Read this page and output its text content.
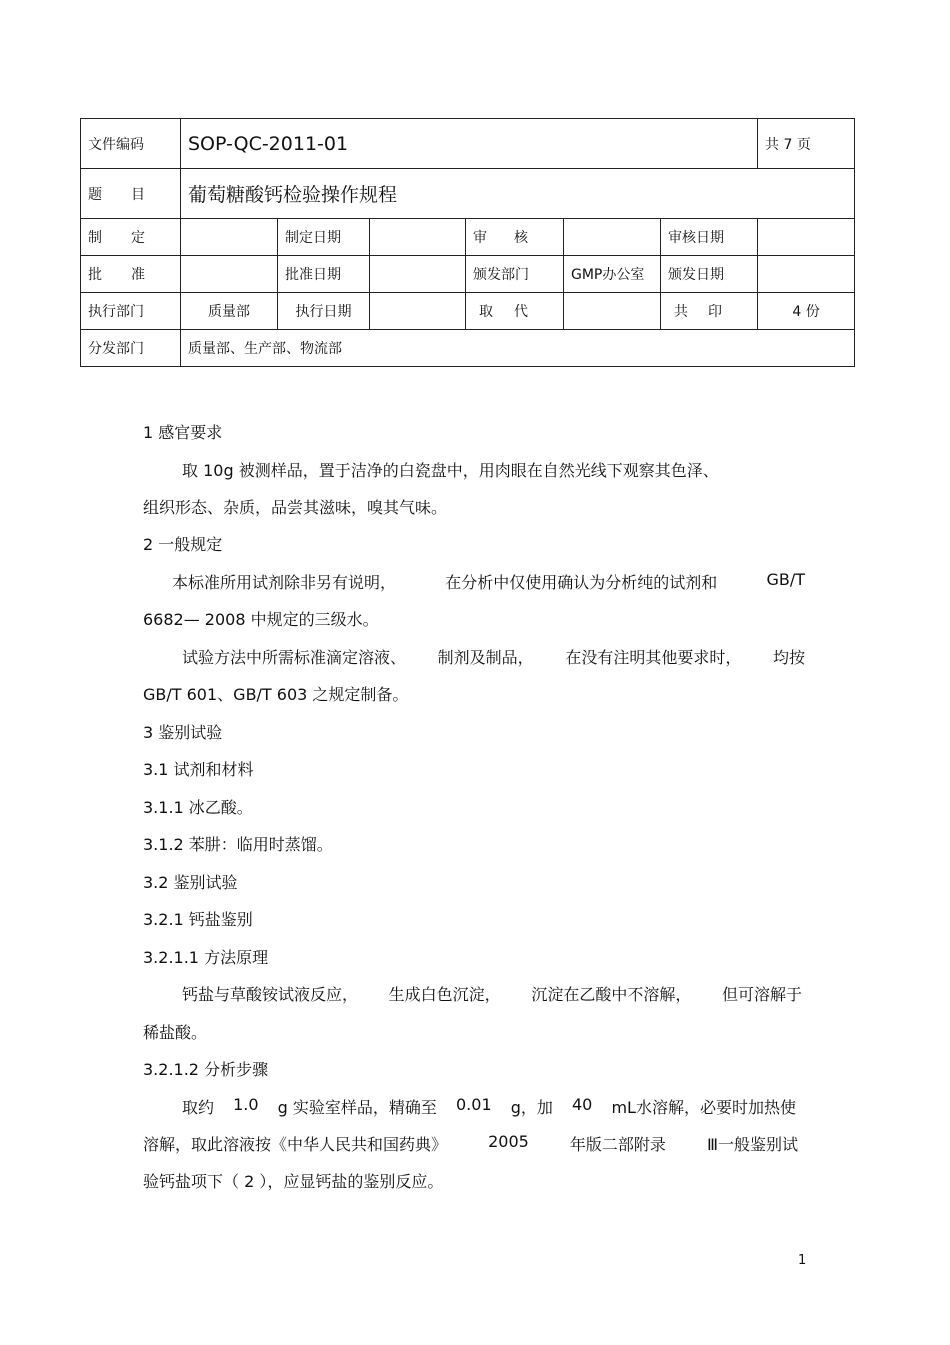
文件编码	SOP-QC-2011-01						共 7 页

题 目	葡萄糖酸钙检验操作规程						

制 定		制定日期		审 核		审核日期	

批 准		批准日期		颁发部门	GMP办公室	颁发日期	
执行部门	质量部	执行日期		取 代		共 印	4 份
分发部门	质量部、生产部、物流部						
1 感官要求
取 10g 被测样品，置于洁净的白瓷盘中，用肉眼在自然光线下观察其色泽、
组织形态、杂质，品尝其滋味，嗅其气味。
2 一般规定
本标准所用试剂除非另有说明，	在分析中仅使用确认为分析纯的试剂和	GB/T
6682— 2008 中规定的三级水。
试验方法中所需标准滴定溶液、 制剂及制品， 在没有注明其他要求时， 均按
GB/T 601、GB/T 603 之规定制备。
3 鉴别试验
3.1 试剂和材料
3.1.1 冰乙酸。
3.1.2 苯肼：临用时蒸馏。
3.2 鉴别试验
3.2.1 钙盐鉴别
3.2.1.1 方法原理
钙盐与草酸铵试液反应， 生成白色沉淀， 沉淀在乙酸中不溶解， 但可溶解于
稀盐酸。
3.2.1.2 分析步骤
取约 1.0 g 实验室样品，精确至 0.01 g，加 40 mL水溶解，必要时加热使
溶解，取此溶液按《中华人民共和国药典》	2005	年版二部附录	Ⅲ一般鉴别试
验钙盐项下（ 2 ），应显钙盐的鉴别反应。
1
